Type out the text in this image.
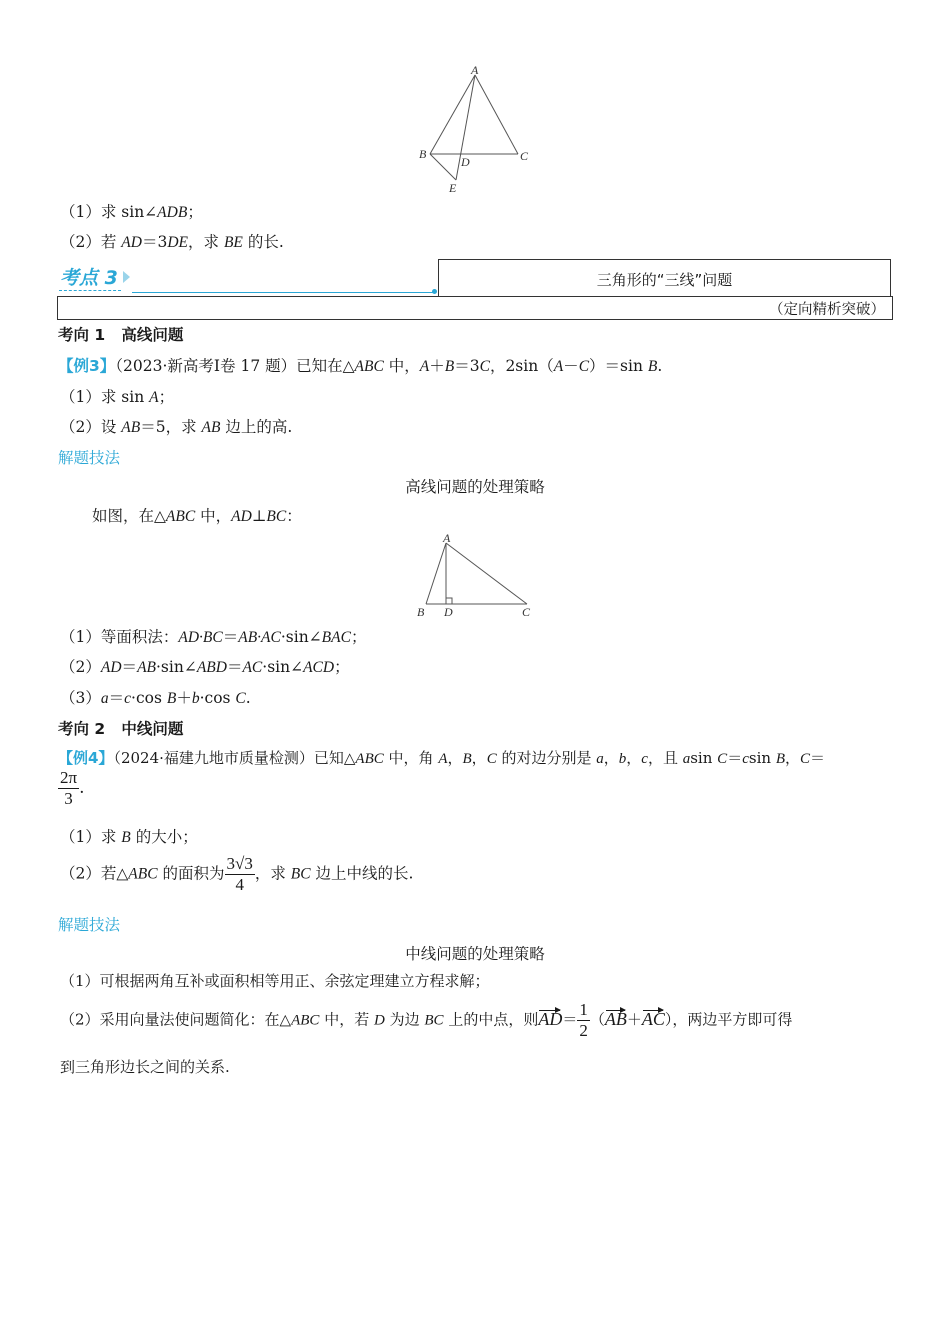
A
B	C
D
E
（1）求 sin∠ADB；
（2）若 AD＝3DE，求 BE 的长.
考点 3	三角形的“三线”问题
（定向精析突破）
考向 1 高线问题
【例3】（2023·新高考Ⅰ卷 17 题）已知在△ABC 中，A＋B＝3C，2sin（A－C）＝sin B.
（1）求 sin A；
（2）设 AB＝5，求 AB 边上的高.
解题技法
高线问题的处理策略
如图，在△ABC 中，AD⊥BC：
A
B D	C
（1）等面积法：AD·BC＝AB·AC·sin∠BAC；
（2）AD＝AB·sin∠ABD＝AC·sin∠ACD；
（3）a＝c·cos B＋b·cos C.
考向 2 中线问题
【例4】（2024·福建九地市质量检测）已知△ABC 中，角 A，B，C 的对边分别是 a，b，c，且 asin C＝csin B，C＝
$\frac{2\pi}{3}$ .
（1）求 B 的大小；
（2）若△ABC 的面积为 $\frac{3√3}{4}$ ，求 BC 边上中线的长.
解题技法
中线问题的处理策略
（1）可根据两角互补或面积相等用正、余弦定理建立方程求解；
（2）采用向量法使问题简化：在△ABC 中，若 D 为边 BC 上的中点，则$AD= \frac{1}{2} (AB+AC)$，两边平方即可得
到三角形边长之间的关系.
